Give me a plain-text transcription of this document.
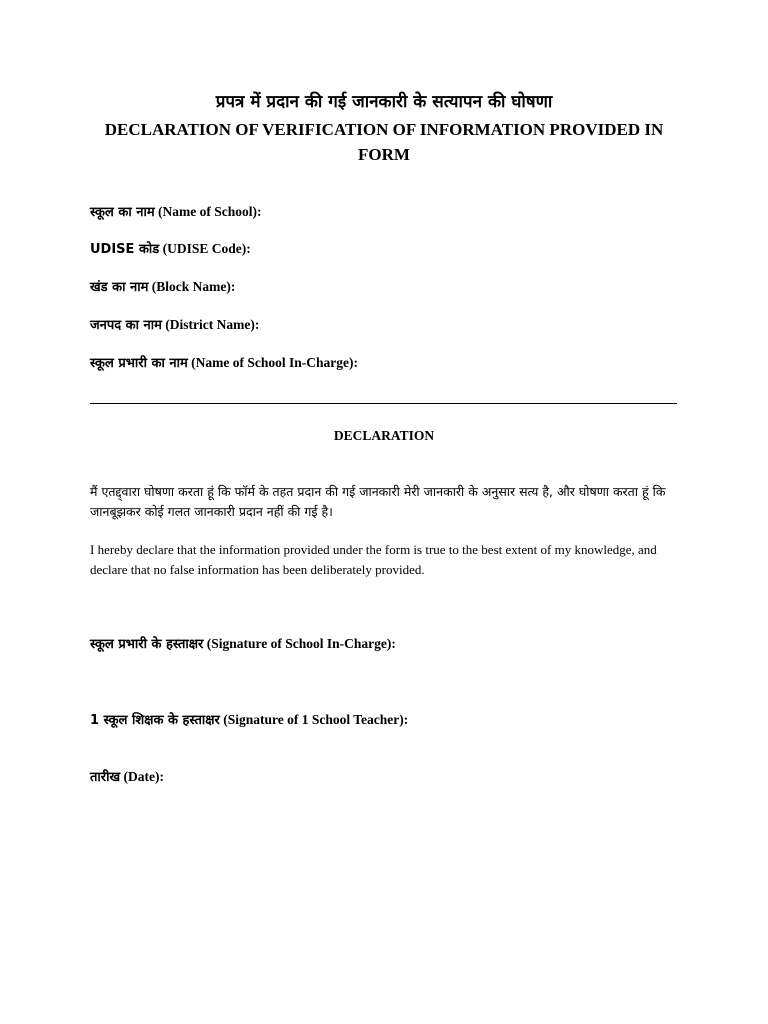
प्रपत्र में प्रदान की गई जानकारी के सत्यापन की घोषणा
DECLARATION OF VERIFICATION OF INFORMATION PROVIDED IN FORM
स्कूल का नाम (Name of School):
UDISE कोड (UDISE Code):
खंड का नाम (Block Name):
जनपद का नाम (District Name):
स्कूल प्रभारी का नाम (Name of School In-Charge):
DECLARATION
मैं एतद्द्वारा घोषणा करता हूं कि फॉर्म के तहत प्रदान की गई जानकारी मेरी जानकारी के अनुसार सत्य है, और घोषणा करता हूं कि जानबूझकर कोई गलत जानकारी प्रदान नहीं की गई है।
I hereby declare that the information provided under the form is true to the best extent of my knowledge, and declare that no false information has been deliberately provided.
स्कूल प्रभारी के हस्ताक्षर (Signature of School In-Charge):
1 स्कूल शिक्षक के हस्ताक्षर (Signature of 1 School Teacher):
तारीख (Date):
